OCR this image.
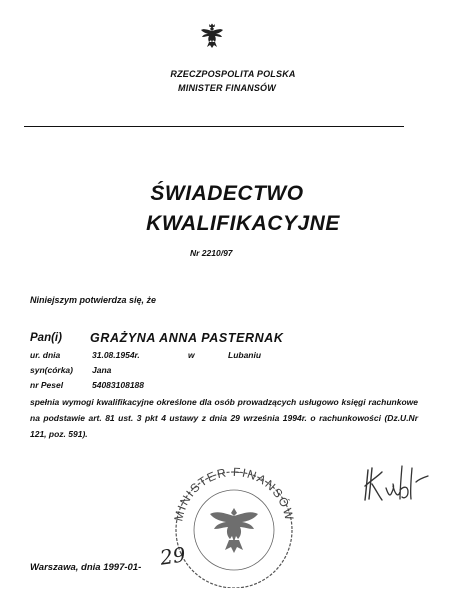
RZECZPOSPOLITA POLSKA
MINISTER FINANSÓW
ŚWIADECTWO
KWALIFIKACYJNE
Nr 2210/97
Niniejszym potwierdza się, że
Pan(i) GRAŻYNA ANNA PASTERNAK
ur. dnia	31.08.1954r.	w	Lubaniu
syn(córka) Jana
nr Pesel	54083108188
spełnia wymogi kwalifikacyjne określone dla osób prowadzących usługowo księgi rachunkowe na podstawie art. 81 ust. 3 pkt 4 ustawy z dnia 29 września 1994r. o rachunkowości (Dz.U.Nr 121, poz. 591).
MINISTER FINANSÓW
Warszawa, dnia 1997-01- 29
